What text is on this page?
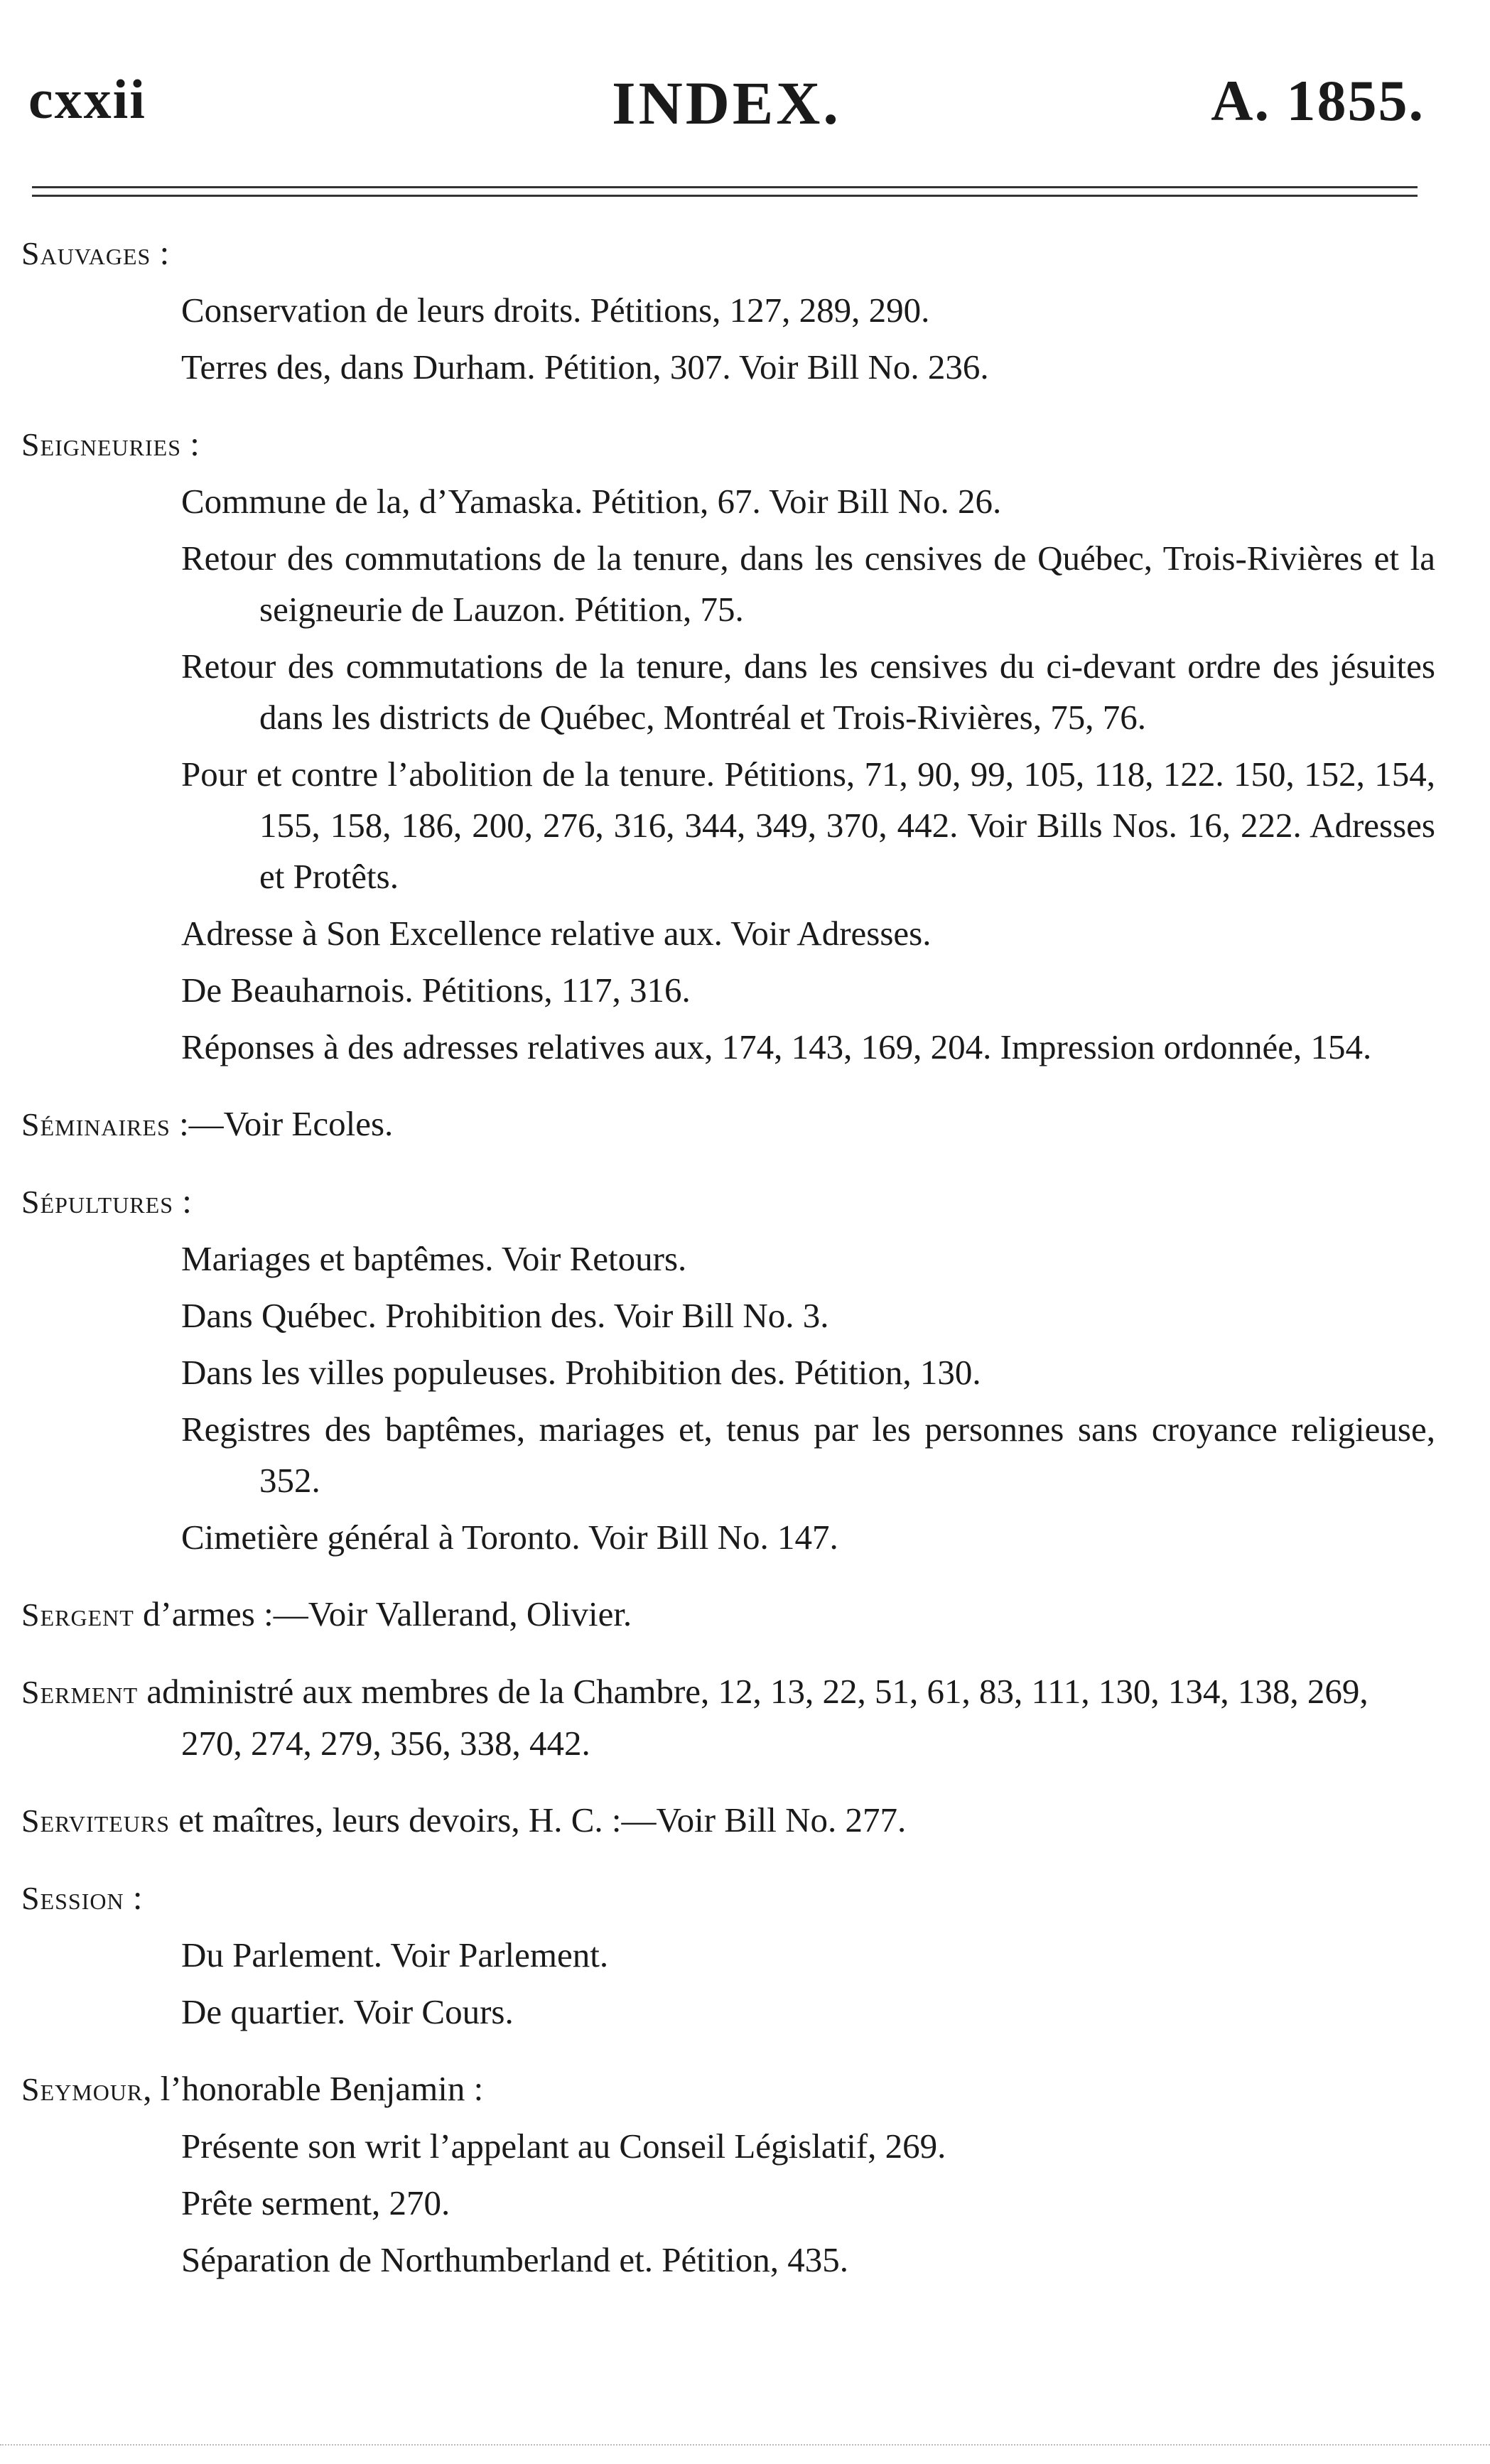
cxxii	INDEX.	A. 1855.
Sauvages :
Conservation de leurs droits. Pétitions, 127, 289, 290.
Terres des, dans Durham. Pétition, 307. Voir Bill No. 236.
Seigneuries :
Commune de la, d’Yamaska. Pétition, 67. Voir Bill No. 26.
Retour des commutations de la tenure, dans les censives de Québec, Trois-Rivières et la seigneurie de Lauzon. Pétition, 75.
Retour des commutations de la tenure, dans les censives du ci-devant ordre des jésuites dans les districts de Québec, Montréal et Trois-Rivières, 75, 76.
Pour et contre l’abolition de la tenure. Pétitions, 71, 90, 99, 105, 118, 122. 150, 152, 154, 155, 158, 186, 200, 276, 316, 344, 349, 370, 442. Voir Bills Nos. 16, 222. Adresses et Protêts.
Adresse à Son Excellence relative aux. Voir Adresses.
De Beauharnois. Pétitions, 117, 316.
Réponses à des adresses relatives aux, 174, 143, 169, 204. Impression ordonnée, 154.
Séminaires :—Voir Ecoles.
Sépultures :
Mariages et baptêmes. Voir Retours.
Dans Québec. Prohibition des. Voir Bill No. 3.
Dans les villes populeuses. Prohibition des. Pétition, 130.
Registres des baptêmes, mariages et, tenus par les personnes sans croyance religieuse, 352.
Cimetière général à Toronto. Voir Bill No. 147.
Sergent d’armes :—Voir Vallerand, Olivier.
Serment administré aux membres de la Chambre, 12, 13, 22, 51, 61, 83, 111, 130, 134, 138, 269, 270, 274, 279, 356, 338, 442.
Serviteurs et maîtres, leurs devoirs, H. C. :—Voir Bill No. 277.
Session :
Du Parlement. Voir Parlement.
De quartier. Voir Cours.
Seymour, l’honorable Benjamin :
Présente son writ l’appelant au Conseil Législatif, 269.
Prête serment, 270.
Séparation de Northumberland et. Pétition, 435.
